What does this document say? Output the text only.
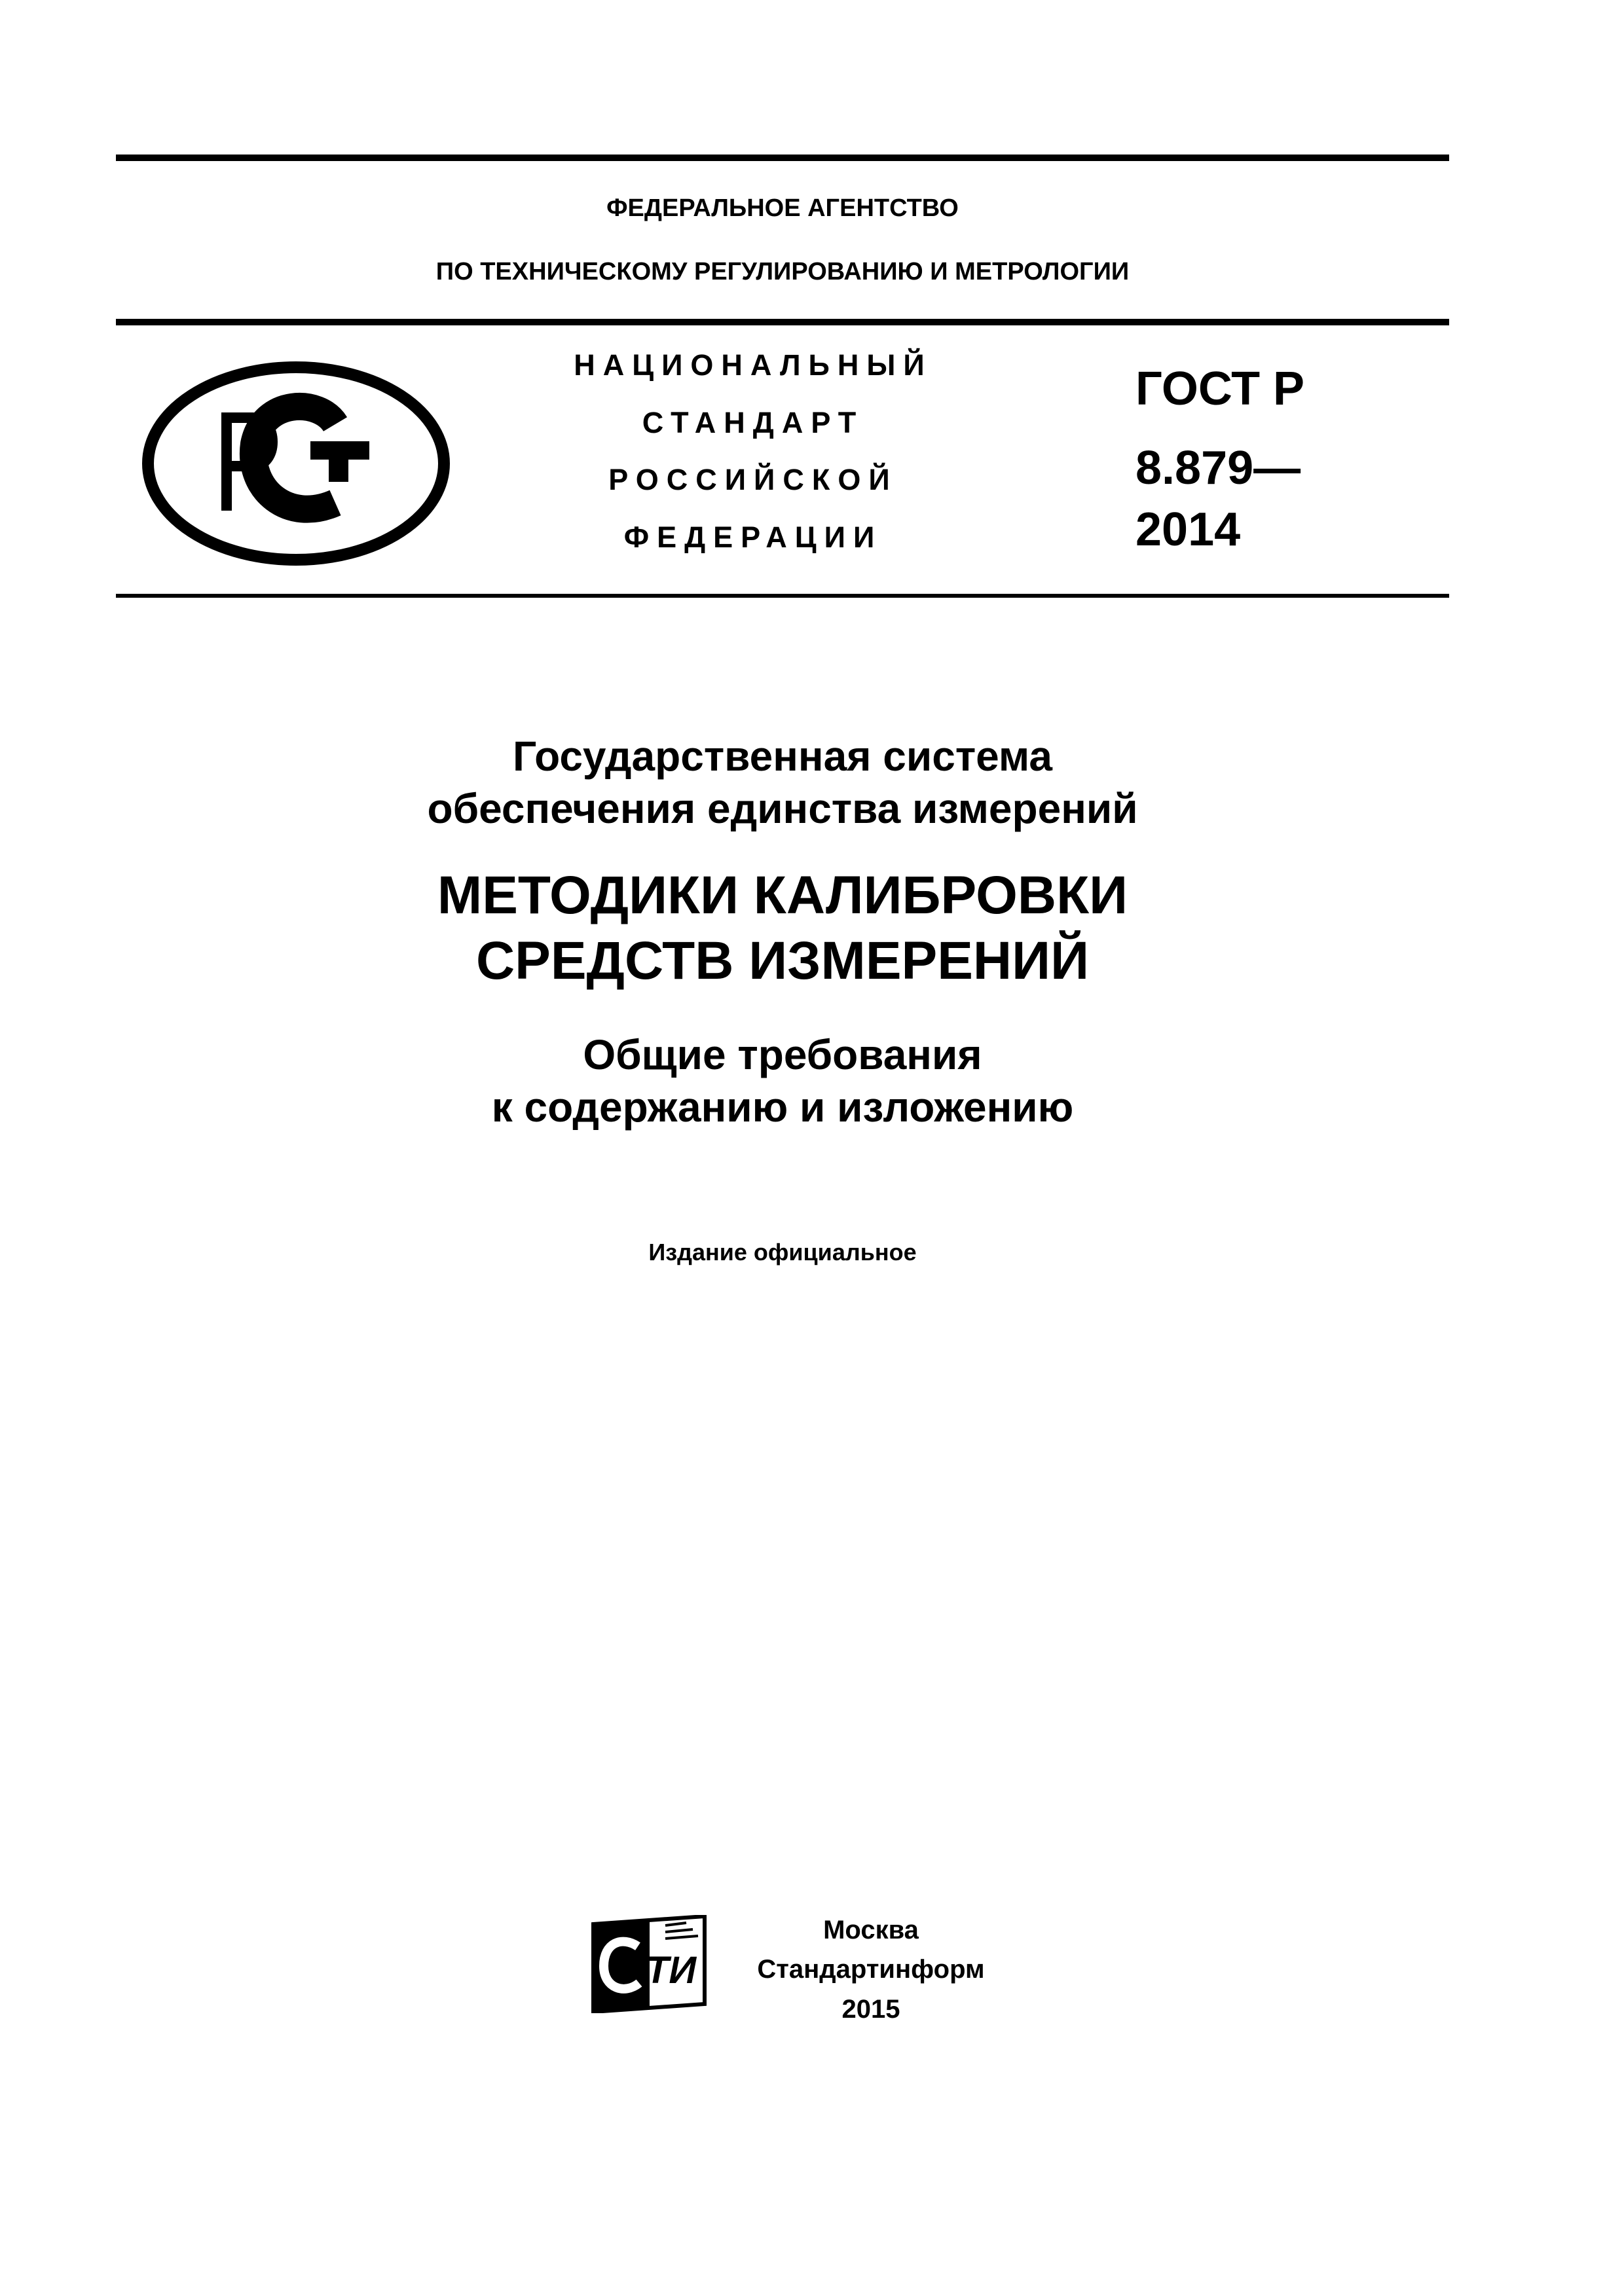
ФЕДЕРАЛЬНОЕ АГЕНТСТВО
ПО ТЕХНИЧЕСКОМУ РЕГУЛИРОВАНИЮ И МЕТРОЛОГИИ
НАЦИОНАЛЬНЫЙ
СТАНДАРТ
РОССИЙСКОЙ
ФЕДЕРАЦИИ
ГОСТ Р
8.879—
2014
Государственная система
обеспечения единства измерений
МЕТОДИКИ КАЛИБРОВКИ
СРЕДСТВ ИЗМЕРЕНИЙ
Общие требования
к содержанию и изложению
Издание официальное
ТИ
Москва
Стандартинформ
2015
